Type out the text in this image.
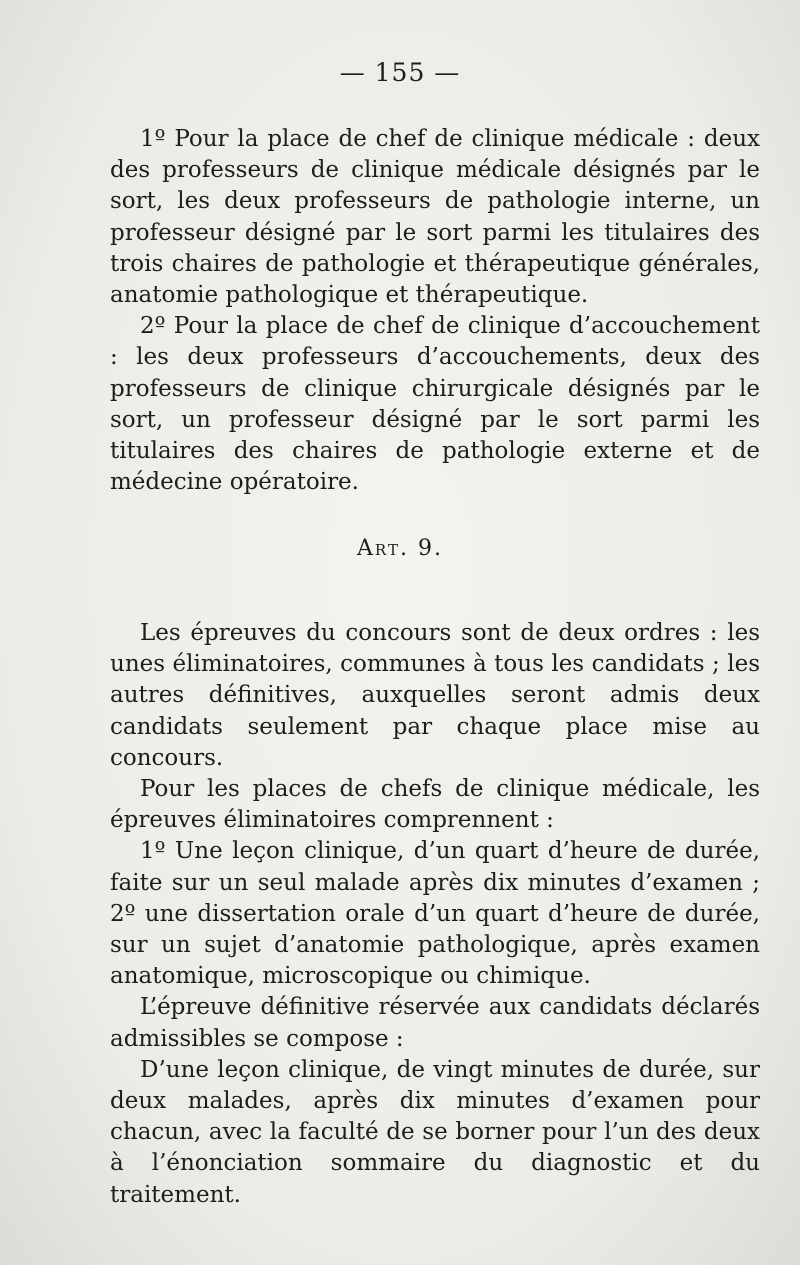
— 155 —

1º Pour la place de chef de clinique médicale : deux des professeurs de clinique médicale désignés par le sort, les deux professeurs de pathologie interne, un professeur désigné par le sort parmi les titulaires des trois chaires de pathologie et thérapeutique générales, anatomie pathologique et thérapeutique.

2º Pour la place de chef de clinique d’accouchement : les deux professeurs d’accouchements, deux des professeurs de clinique chirurgicale désignés par le sort, un professeur désigné par le sort parmi les titulaires des chaires de pathologie externe et de médecine opératoire.

Art. 9.

Les épreuves du concours sont de deux ordres : les unes éliminatoires, communes à tous les candidats ; les autres définitives, auxquelles seront admis deux candidats seulement par chaque place mise au concours.

Pour les places de chefs de clinique médicale, les épreuves éliminatoires comprennent :

1º Une leçon clinique, d’un quart d’heure de durée, faite sur un seul malade après dix minutes d’examen ; 2º une dissertation orale d’un quart d’heure de durée, sur un sujet d’anatomie pathologique, après examen anatomique, microscopique ou chimique.

L’épreuve définitive réservée aux candidats déclarés admissibles se compose :

D’une leçon clinique, de vingt minutes de durée, sur deux malades, après dix minutes d’examen pour chacun, avec la faculté de se borner pour l’un des deux à l’énonciation sommaire du diagnostic et du traitement.
